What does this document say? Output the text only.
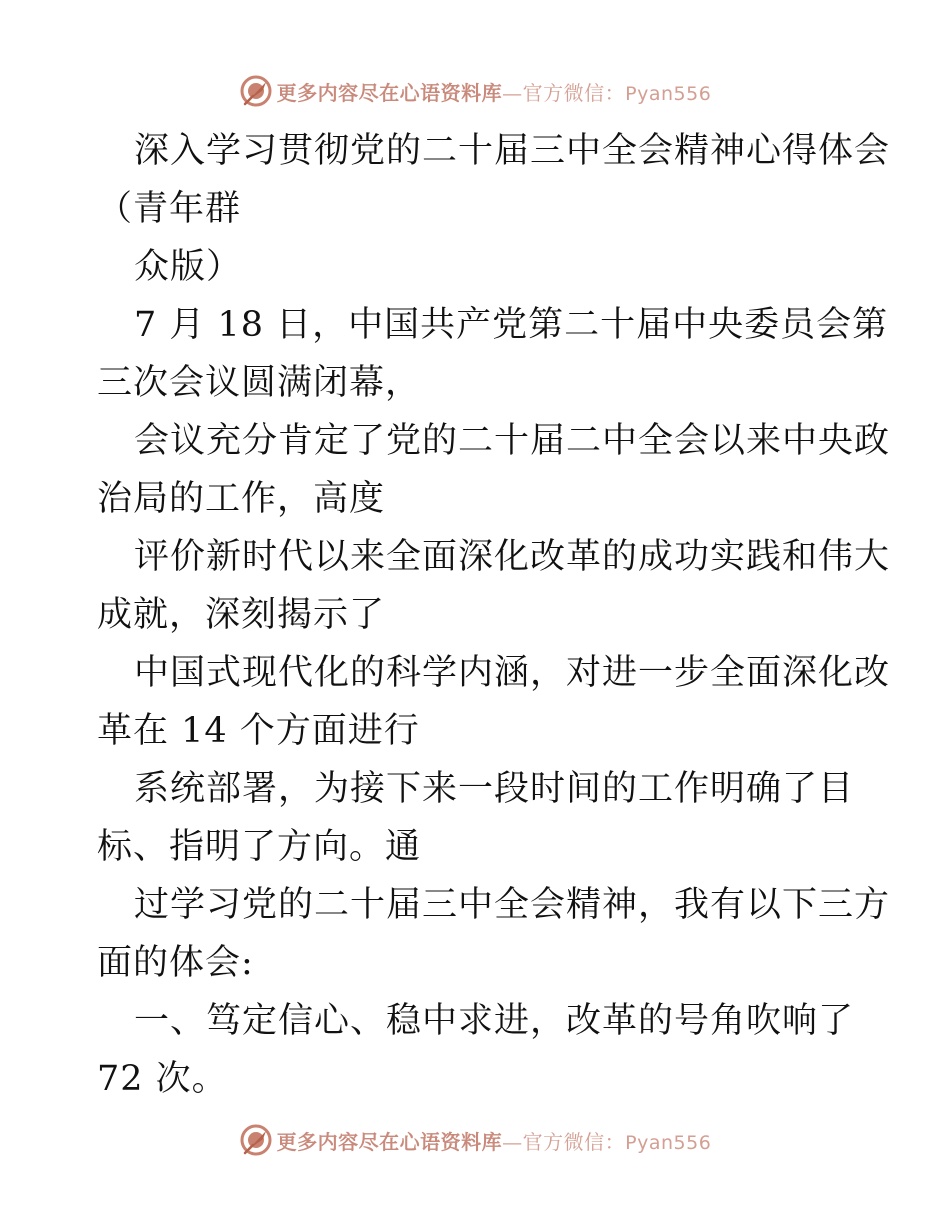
更多内容尽在心语资料库—官方微信：Pyan556
深入学习贯彻党的二十届三中全会精神心得体会
（青年群
众版）
7 月 18 日，中国共产党第二十届中央委员会第
三次会议圆满闭幕，
会议充分肯定了党的二十届二中全会以来中央政
治局的工作，高度
评价新时代以来全面深化改革的成功实践和伟大
成就，深刻揭示了
中国式现代化的科学内涵，对进一步全面深化改
革在 14 个方面进行
系统部署，为接下来一段时间的工作明确了目
标、指明了方向。通
过学习党的二十届三中全会精神，我有以下三方
面的体会:
一、笃定信心、稳中求进，改革的号角吹响了
72 次。
更多内容尽在心语资料库—官方微信：Pyan556
